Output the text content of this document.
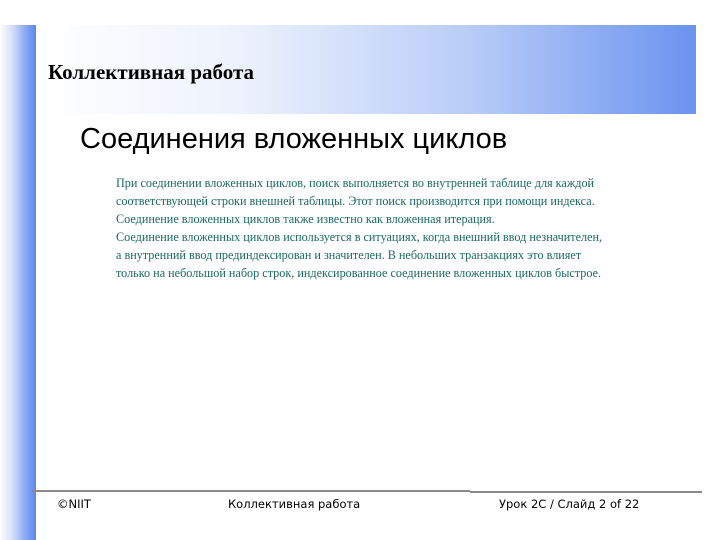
Коллективная работа
Соединения вложенных циклов
При соединении вложенных циклов, поиск выполняется во внутренней таблице для каждой
соответствующей строки внешней таблицы. Этот поиск производится при помощи индекса.
Соединение вложенных циклов также известно как вложенная итерация.
Соединение вложенных циклов используется в ситуациях, когда внешний ввод незначителен,
а внутренний ввод прединдексирован и значителен. В небольших транзакциях это влияет
только на небольшой набор строк, индексированное соединение вложенных циклов быстрое.
©NIIT	Коллективная работа	Урок 2C / Слайд 2 of 22
